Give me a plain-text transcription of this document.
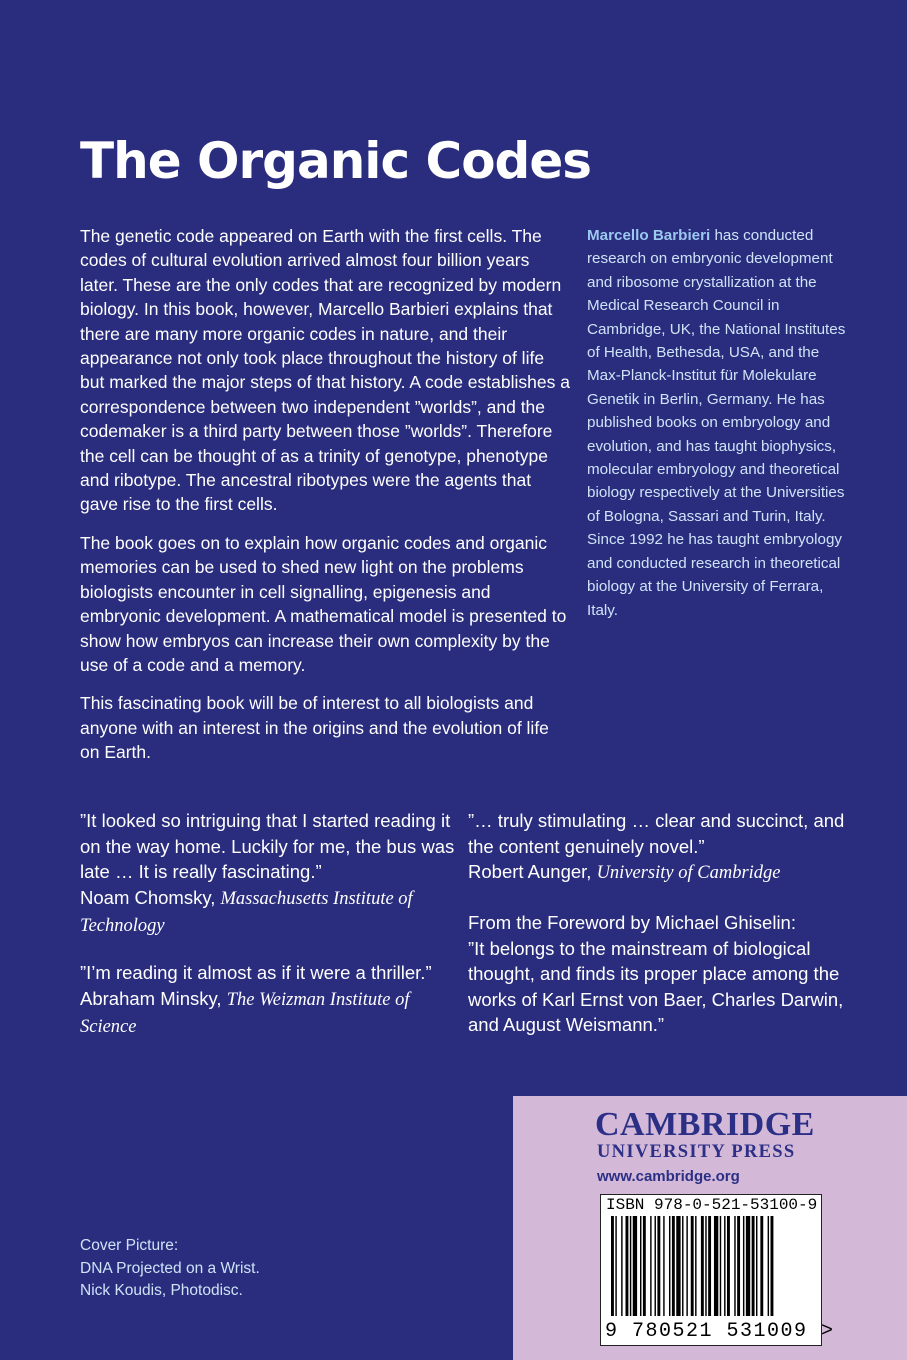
The Organic Codes

The genetic code appeared on Earth with the first cells. The codes of cultural evolution arrived almost four billion years later. These are the only codes that are recognized by modern biology. In this book, however, Marcello Barbieri explains that there are many more organic codes in nature, and their appearance not only took place throughout the history of life but marked the major steps of that history. A code establishes a correspondence between two independent ”worlds”, and the codemaker is a third party between those ”worlds”. Therefore the cell can be thought of as a trinity of genotype, phenotype and ribotype. The ancestral ribotypes were the agents that gave rise to the first cells.

The book goes on to explain how organic codes and organic memories can be used to shed new light on the problems biologists encounter in cell signalling, epigenesis and embryonic development. A mathematical model is presented to show how embryos can increase their own complexity by the use of a code and a memory.

This fascinating book will be of interest to all biologists and anyone with an interest in the origins and the evolution of life on Earth.

Marcello Barbieri has conducted research on embryonic development and ribosome crystallization at the Medical Research Council in Cambridge, UK, the National Institutes of Health, Bethesda, USA, and the Max-Planck-Institut für Molekulare Genetik in Berlin, Germany. He has published books on embryology and evolution, and has taught biophysics, molecular embryology and theoretical biology respectively at the Universities of Bologna, Sassari and Turin, Italy. Since 1992 he has taught embryology and conducted research in theoretical biology at the University of Ferrara, Italy.

”It looked so intriguing that I started reading it on the way home. Luckily for me, the bus was late … It is really fascinating.”
Noam Chomsky, Massachusetts Institute of Technology
”I’m reading it almost as if it were a thriller.”
Abraham Minsky, The Weizman Institute of Science
”… truly stimulating … clear and succinct, and the content genuinely novel.”
Robert Aunger, University of Cambridge
From the Foreword by Michael Ghiselin:
”It belongs to the mainstream of biological thought, and finds its proper place among the works of Karl Ernst von Baer, Charles Darwin, and August Weismann.”
Cover Picture:
DNA Projected on a Wrist.
Nick Koudis, Photodisc.
CAMBRIDGE
UNIVERSITY PRESS
www.cambridge.org
ISBN 978-0-521-53100-9
9 780521 531009 >
